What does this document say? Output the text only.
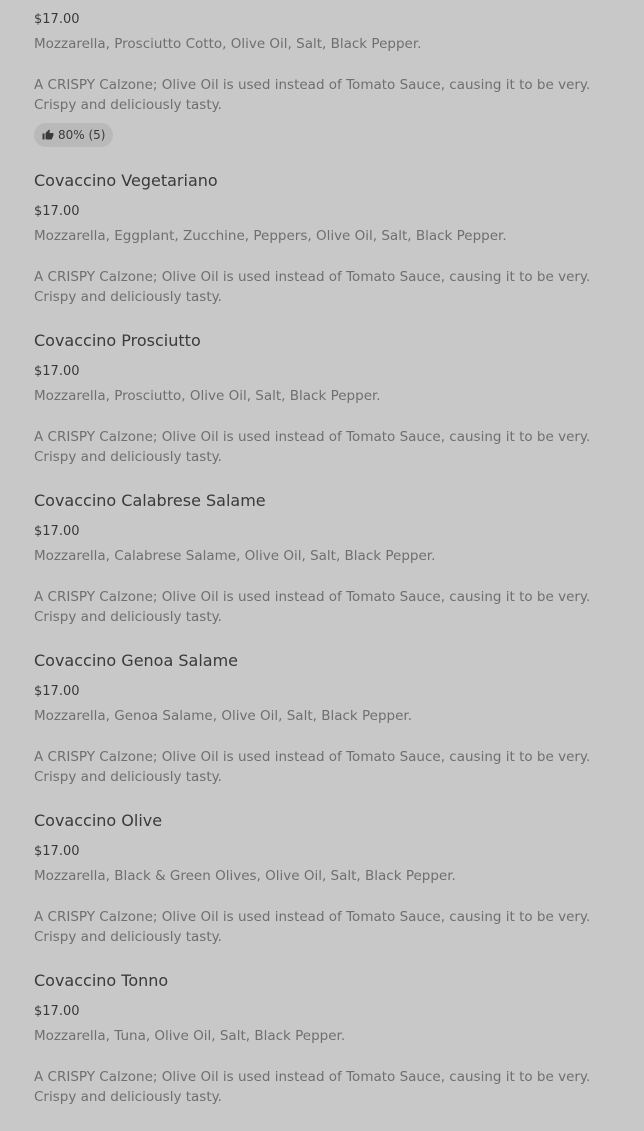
$17.00
Mozzarella, Prosciutto Cotto, Olive Oil, Salt, Black Pepper.
A CRISPY Calzone; Olive Oil is used instead of Tomato Sauce, causing it to be very. Crispy and deliciously tasty.
80% (5)
Covaccino Vegetariano
$17.00
Mozzarella, Eggplant, Zucchine, Peppers, Olive Oil, Salt, Black Pepper.
A CRISPY Calzone; Olive Oil is used instead of Tomato Sauce, causing it to be very. Crispy and deliciously tasty.
Covaccino Prosciutto
$17.00
Mozzarella, Prosciutto, Olive Oil, Salt, Black Pepper.
A CRISPY Calzone; Olive Oil is used instead of Tomato Sauce, causing it to be very. Crispy and deliciously tasty.
Covaccino Calabrese Salame
$17.00
Mozzarella, Calabrese Salame, Olive Oil, Salt, Black Pepper.
A CRISPY Calzone; Olive Oil is used instead of Tomato Sauce, causing it to be very. Crispy and deliciously tasty.
Covaccino Genoa Salame
$17.00
Mozzarella, Genoa Salame, Olive Oil, Salt, Black Pepper.
A CRISPY Calzone; Olive Oil is used instead of Tomato Sauce, causing it to be very. Crispy and deliciously tasty.
Covaccino Olive
$17.00
Mozzarella, Black & Green Olives, Olive Oil, Salt, Black Pepper.
A CRISPY Calzone; Olive Oil is used instead of Tomato Sauce, causing it to be very. Crispy and deliciously tasty.
Covaccino Tonno
$17.00
Mozzarella, Tuna, Olive Oil, Salt, Black Pepper.
A CRISPY Calzone; Olive Oil is used instead of Tomato Sauce, causing it to be very. Crispy and deliciously tasty.
